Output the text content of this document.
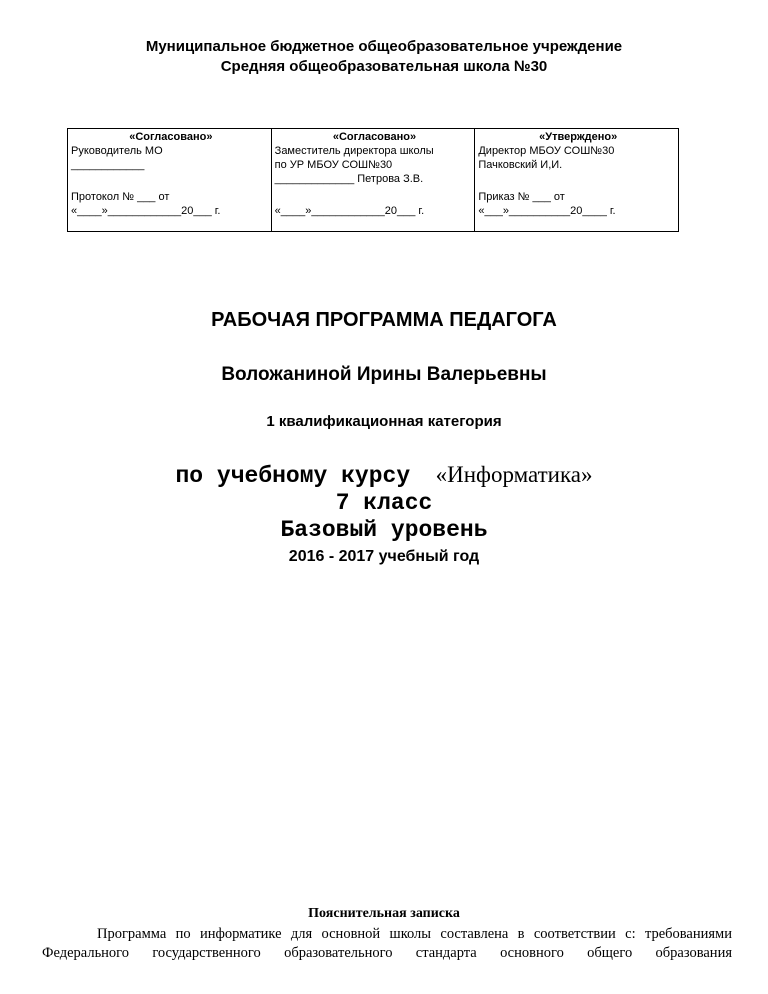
Муниципальное бюджетное общеобразовательное учреждение
Средняя общеобразовательная школа №30
«Согласовано»
Руководитель МО
____________
Протокол № ___ от
«____»____________20___ г.
«Согласовано»
Заместитель директора школы
по УР МБОУ СОШ№30
_____________ Петрова З.В.
«____»____________20___ г.
«Утверждено»
Директор МБОУ СОШ№30
Пачковский И,И.
Приказ № ___ от
«___»__________20____ г.
РАБОЧАЯ ПРОГРАММА ПЕДАГОГА
Воложаниной Ирины Валерьевны
1 квалификационная категория
по учебному курсу «Информатика»
7 класс
Базовый уровень
2016 - 2017 учебный год
Пояснительная записка
Программа по информатике для основной школы составлена в соответствии с: требованиями
Федерального государственного образовательного стандарта основного общего образования
